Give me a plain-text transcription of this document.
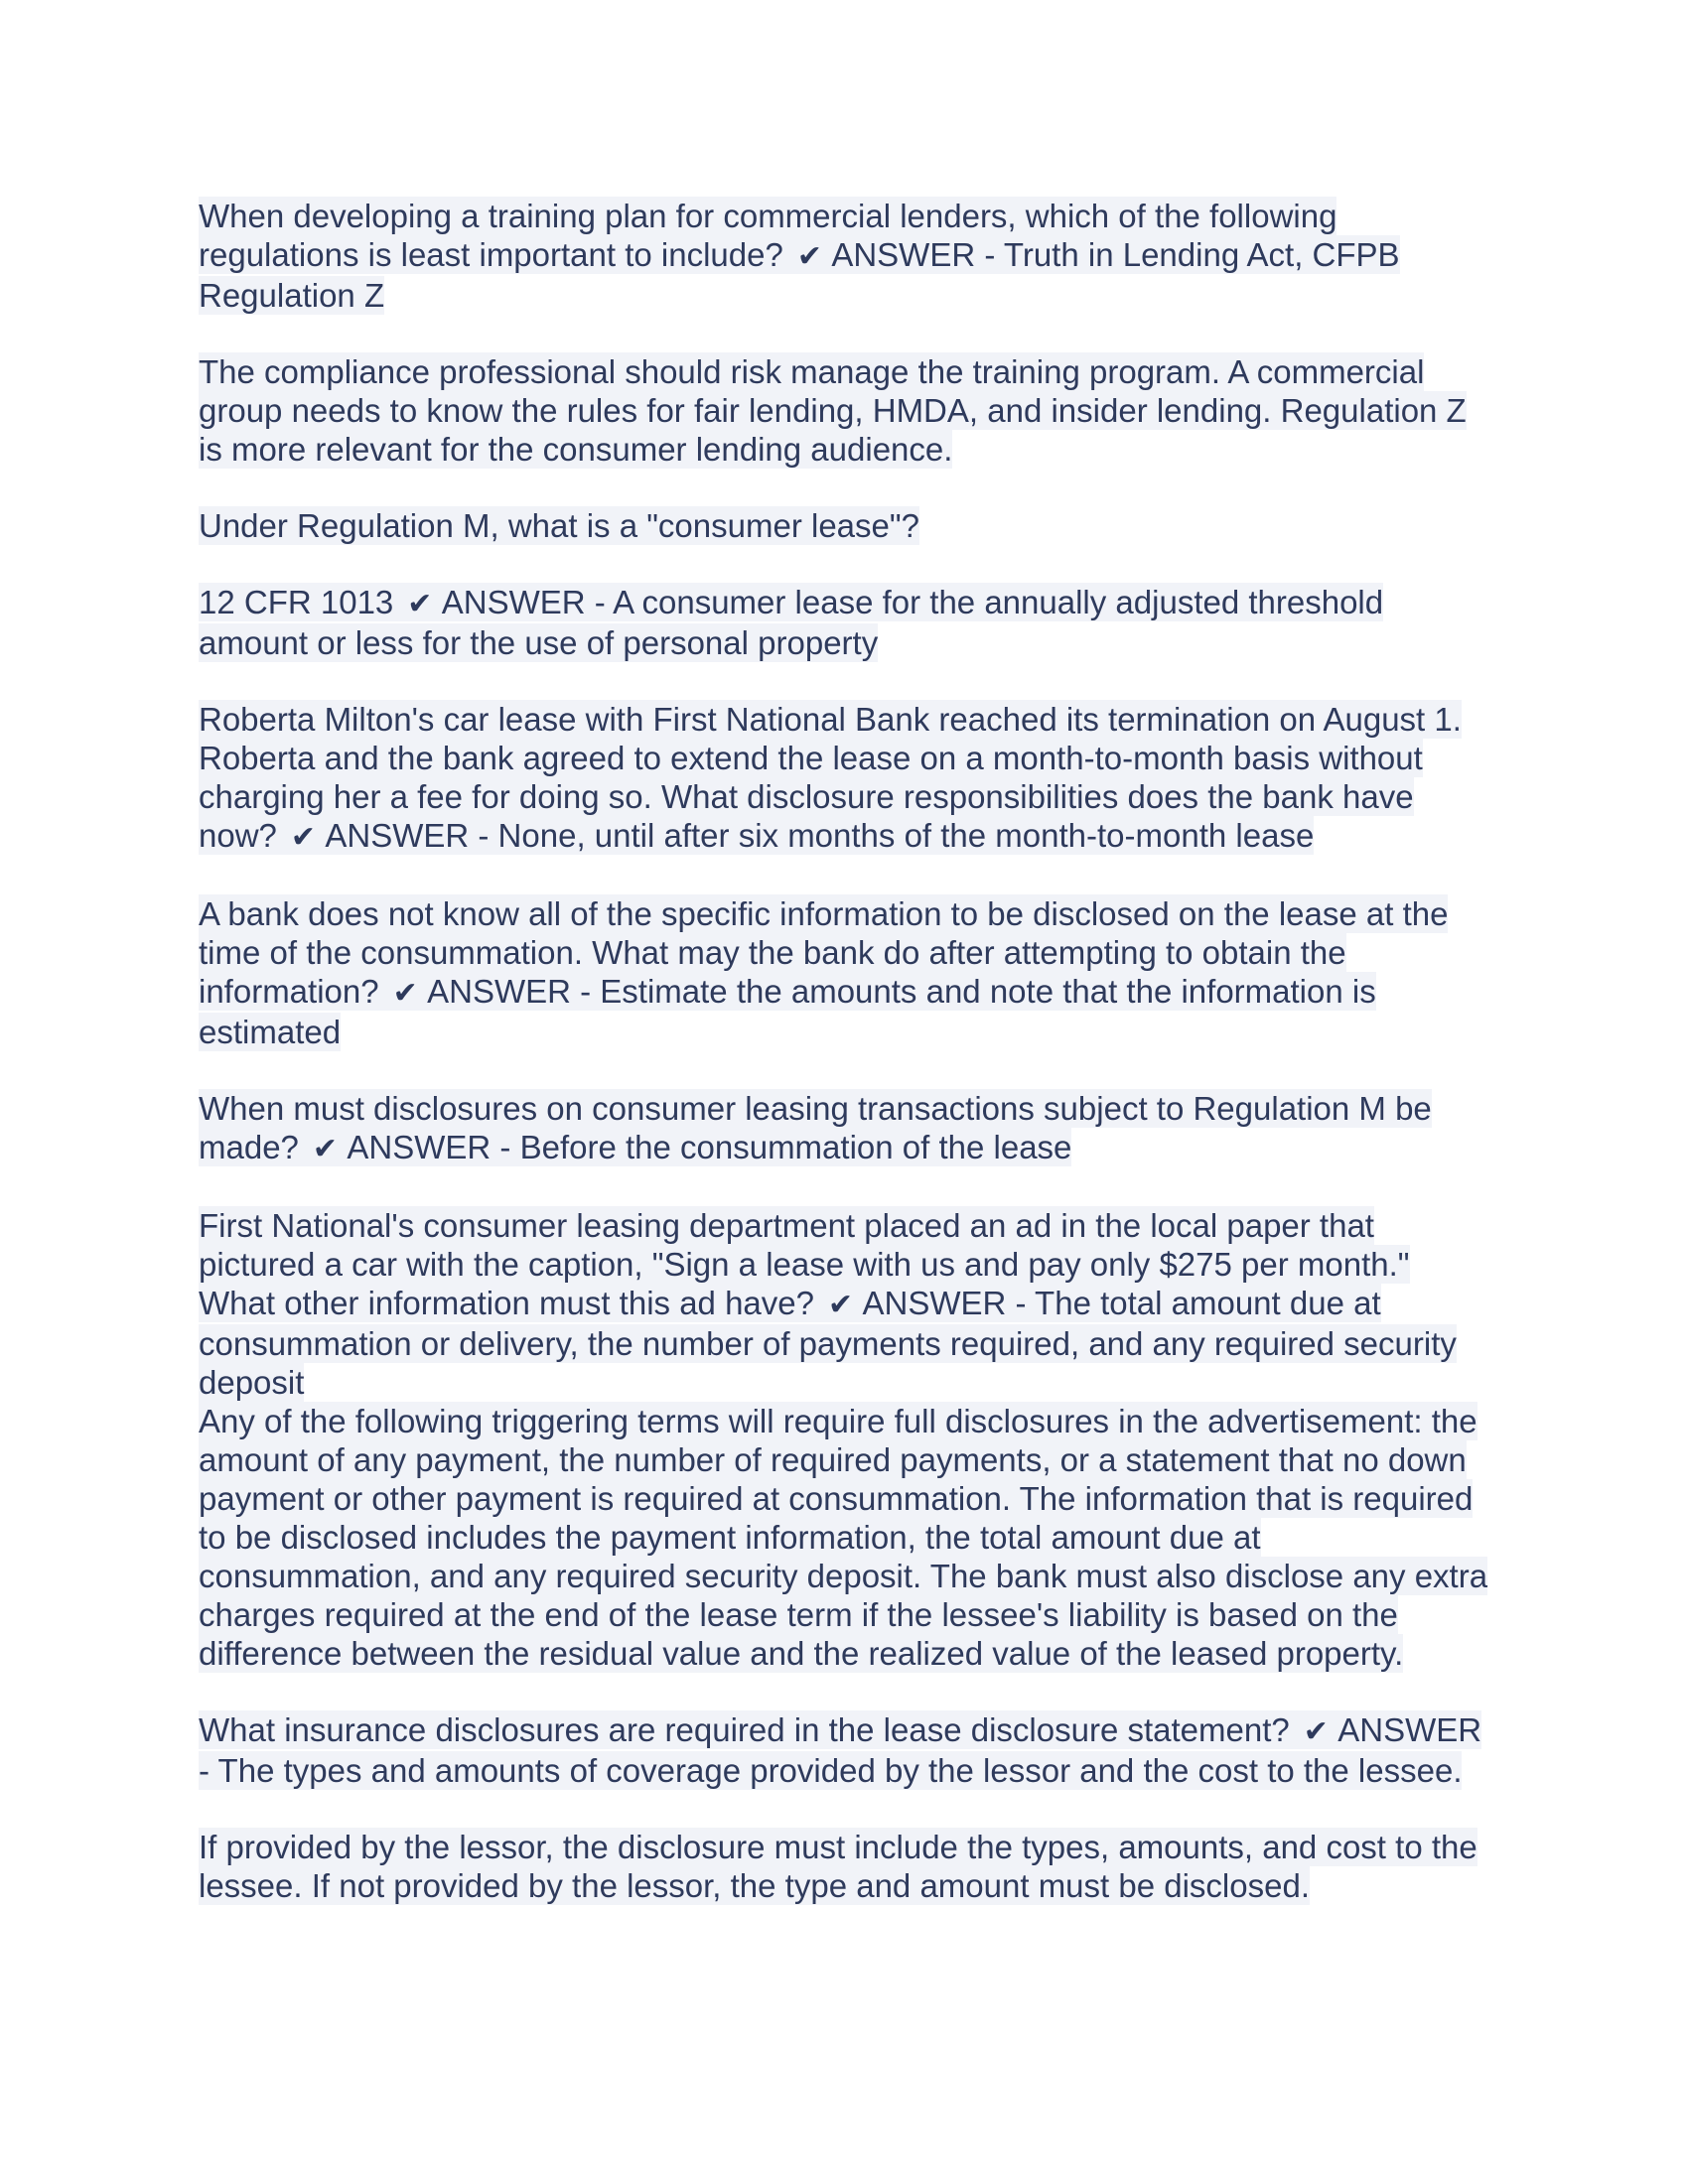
When developing a training plan for commercial lenders, which of the following regulations is least important to include? ✔ ANSWER - Truth in Lending Act, CFPB Regulation Z

The compliance professional should risk manage the training program. A commercial group needs to know the rules for fair lending, HMDA, and insider lending. Regulation Z is more relevant for the consumer lending audience.

Under Regulation M, what is a "consumer lease"?

12 CFR 1013 ✔ ANSWER - A consumer lease for the annually adjusted threshold amount or less for the use of personal property

Roberta Milton's car lease with First National Bank reached its termination on August 1. Roberta and the bank agreed to extend the lease on a month-to-month basis without charging her a fee for doing so. What disclosure responsibilities does the bank have now? ✔ ANSWER - None, until after six months of the month-to-month lease

A bank does not know all of the specific information to be disclosed on the lease at the time of the consummation. What may the bank do after attempting to obtain the information? ✔ ANSWER - Estimate the amounts and note that the information is estimated

When must disclosures on consumer leasing transactions subject to Regulation M be made? ✔ ANSWER - Before the consummation of the lease

First National's consumer leasing department placed an ad in the local paper that pictured a car with the caption, "Sign a lease with us and pay only $275 per month." What other information must this ad have? ✔ ANSWER - The total amount due at consummation or delivery, the number of payments required, and any required security deposit

Any of the following triggering terms will require full disclosures in the advertisement: the amount of any payment, the number of required payments, or a statement that no down payment or other payment is required at consummation. The information that is required to be disclosed includes the payment information, the total amount due at consummation, and any required security deposit. The bank must also disclose any extra charges required at the end of the lease term if the lessee's liability is based on the difference between the residual value and the realized value of the leased property.

What insurance disclosures are required in the lease disclosure statement? ✔ ANSWER - The types and amounts of coverage provided by the lessor and the cost to the lessee.

If provided by the lessor, the disclosure must include the types, amounts, and cost to the lessee. If not provided by the lessor, the type and amount must be disclosed.
